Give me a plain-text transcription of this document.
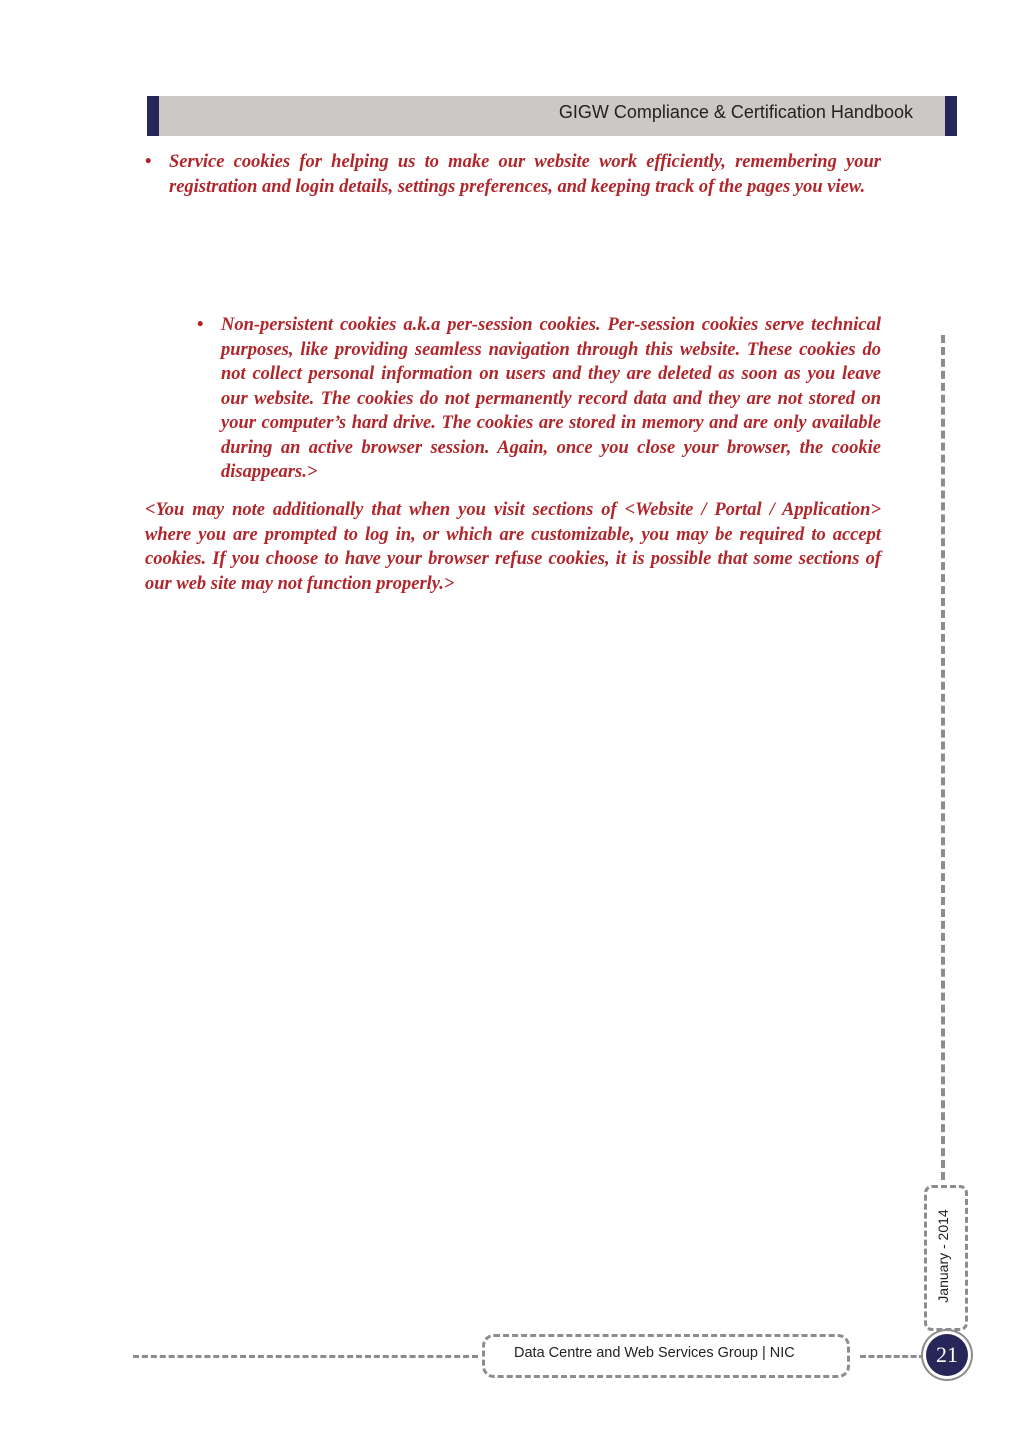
GIGW Compliance & Certification Handbook
• Service cookies for helping us to make our website work efficiently, remembering your registration and login details, settings preferences, and keeping track of the pages you view.
• Non-persistent cookies a.k.a per-session cookies. Per-session cookies serve technical purposes, like providing seamless navigation through this website. These cookies do not collect personal information on users and they are deleted as soon as you leave our website. The cookies do not permanently record data and they are not stored on your computer’s hard drive. The cookies are stored in memory and are only available during an active browser session. Again, once you close your browser, the cookie disappears.>
<You may note additionally that when you visit sections of <Website / Portal / Application> where you are prompted to log in, or which are customizable, you may be required to accept cookies. If you choose to have your browser refuse cookies, it is possible that some sections of our web site may not function properly.>
January - 2014
Data Centre and Web Services Group | NIC	21
